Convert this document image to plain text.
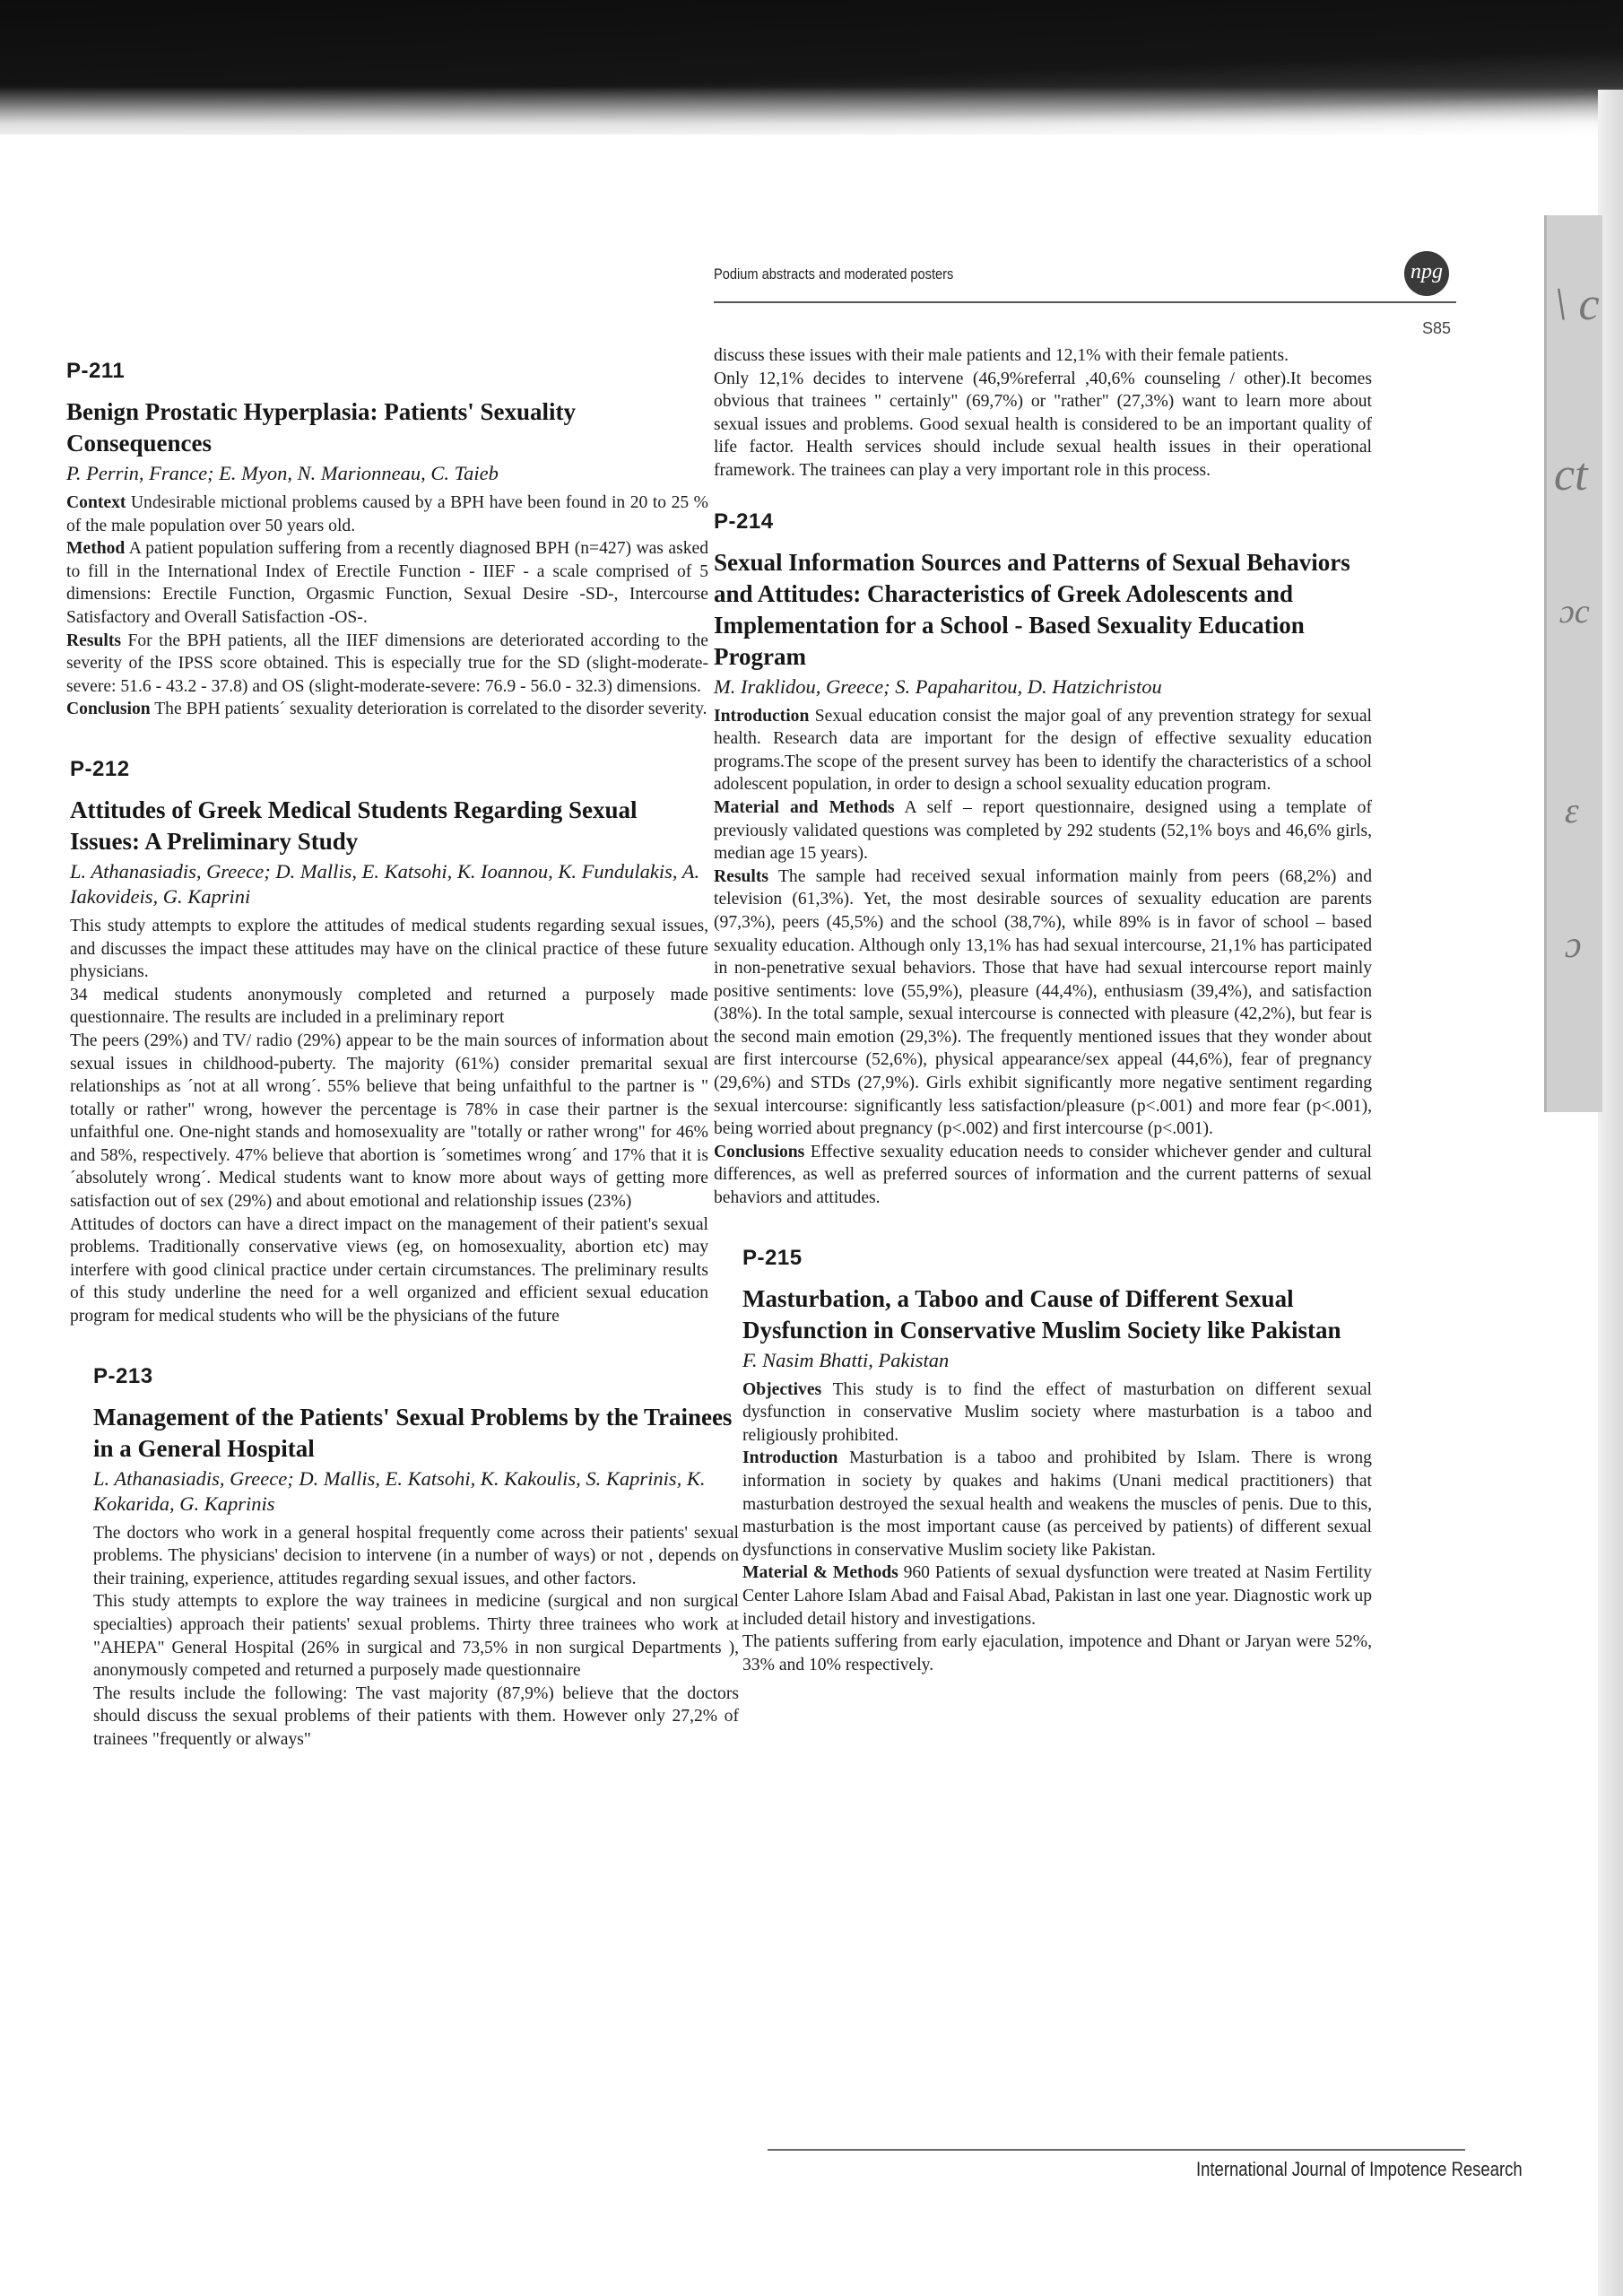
\ c
ct
ɔc
ɛ
ɔ
Podium abstracts and moderated posters	npg
S85
P-211
Benign Prostatic Hyperplasia: Patients' Sexuality Consequences
P. Perrin, France; E. Myon, N. Marionneau, C. Taieb

Context Undesirable mictional problems caused by a BPH have been found in 20 to 25 % of the male population over 50 years old.

Method A patient population suffering from a recently diagnosed BPH (n=427) was asked to fill in the International Index of Erectile Function - IIEF - a scale comprised of 5 dimensions: Erectile Function, Orgasmic Function, Sexual Desire -SD-, Intercourse Satisfactory and Overall Satisfaction -OS-.

Results For the BPH patients, all the IIEF dimensions are deteriorated according to the severity of the IPSS score obtained. This is especially true for the SD (slight-moderate- severe: 51.6 - 43.2 - 37.8) and OS (slight-moderate-severe: 76.9 - 56.0 - 32.3) dimensions.

Conclusion The BPH patients´ sexuality deterioration is correlated to the disorder severity.

P-212
Attitudes of Greek Medical Students Regarding Sexual Issues: A Preliminary Study
L. Athanasiadis, Greece; D. Mallis, E. Katsohi, K. Ioannou, K. Fundulakis, A. Iakovideis, G. Kaprini

This study attempts to explore the attitudes of medical students regarding sexual issues, and discusses the impact these attitudes may have on the clinical practice of these future physicians.

34 medical students anonymously completed and returned a purposely made questionnaire. The results are included in a preliminary report

The peers (29%) and TV/ radio (29%) appear to be the main sources of information about sexual issues in childhood-puberty. The majority (61%) consider premarital sexual relationships as ´not at all wrong´. 55% believe that being unfaithful to the partner is " totally or rather" wrong, however the percentage is 78% in case their partner is the unfaithful one. One-night stands and homosexuality are "totally or rather wrong" for 46% and 58%, respectively. 47% believe that abortion is ´sometimes wrong´ and 17% that it is ´absolutely wrong´. Medical students want to know more about ways of getting more satisfaction out of sex (29%) and about emotional and relationship issues (23%)

Attitudes of doctors can have a direct impact on the management of their patient's sexual problems. Traditionally conservative views (eg, on homosexuality, abortion etc) may interfere with good clinical practice under certain circumstances. The preliminary results of this study underline the need for a well organized and efficient sexual education program for medical students who will be the physicians of the future

P-213
Management of the Patients' Sexual Problems by the Trainees in a General Hospital
L. Athanasiadis, Greece; D. Mallis, E. Katsohi, K. Kakoulis, S. Kaprinis, K. Kokarida, G. Kaprinis

The doctors who work in a general hospital frequently come across their patients' sexual problems. The physicians' decision to intervene (in a number of ways) or not , depends on their training, experience, attitudes regarding sexual issues, and other factors.

This study attempts to explore the way trainees in medicine (surgical and non surgical specialties) approach their patients' sexual problems. Thirty three trainees who work at "AHEPA" General Hospital (26% in surgical and 73,5% in non surgical Departments ), anonymously competed and returned a purposely made questionnaire

The results include the following: The vast majority (87,9%) believe that the doctors should discuss the sexual problems of their patients with them. However only 27,2% of trainees "frequently or always"

discuss these issues with their male patients and 12,1% with their female patients.

Only 12,1% decides to intervene (46,9%referral ,40,6% counseling / other).It becomes obvious that trainees " certainly" (69,7%) or "rather" (27,3%) want to learn more about sexual issues and problems. Good sexual health is considered to be an important quality of life factor. Health services should include sexual health issues in their operational framework. The trainees can play a very important role in this process.

P-214
Sexual Information Sources and Patterns of Sexual Behaviors and Attitudes: Characteristics of Greek Adolescents and Implementation for a School - Based Sexuality Education Program
M. Iraklidou, Greece; S. Papaharitou, D. Hatzichristou

Introduction Sexual education consist the major goal of any prevention strategy for sexual health. Research data are important for the design of effective sexuality education programs.The scope of the present survey has been to identify the characteristics of a school adolescent population, in order to design a school sexuality education program.

Material and Methods A self – report questionnaire, designed using a template of previously validated questions was completed by 292 students (52,1% boys and 46,6% girls, median age 15 years).

Results The sample had received sexual information mainly from peers (68,2%) and television (61,3%). Yet, the most desirable sources of sexuality education are parents (97,3%), peers (45,5%) and the school (38,7%), while 89% is in favor of school – based sexuality education. Although only 13,1% has had sexual intercourse, 21,1% has participated in non-penetrative sexual behaviors. Those that have had sexual intercourse report mainly positive sentiments: love (55,9%), pleasure (44,4%), enthusiasm (39,4%), and satisfaction (38%). In the total sample, sexual intercourse is connected with pleasure (42,2%), but fear is the second main emotion (29,3%). The frequently mentioned issues that they wonder about are first intercourse (52,6%), physical appearance/sex appeal (44,6%), fear of pregnancy (29,6%) and STDs (27,9%). Girls exhibit significantly more negative sentiment regarding sexual intercourse: significantly less satisfaction/pleasure (p<.001) and more fear (p<.001), being worried about pregnancy (p<.002) and first intercourse (p<.001).

Conclusions Effective sexuality education needs to consider whichever gender and cultural differences, as well as preferred sources of information and the current patterns of sexual behaviors and attitudes.

P-215
Masturbation, a Taboo and Cause of Different Sexual Dysfunction in Conservative Muslim Society like Pakistan
F. Nasim Bhatti, Pakistan

Objectives This study is to find the effect of masturbation on different sexual dysfunction in conservative Muslim society where masturbation is a taboo and religiously prohibited.

Introduction Masturbation is a taboo and prohibited by Islam. There is wrong information in society by quakes and hakims (Unani medical practitioners) that masturbation destroyed the sexual health and weakens the muscles of penis. Due to this, masturbation is the most important cause (as perceived by patients) of different sexual dysfunctions in conservative Muslim society like Pakistan.

Material & Methods 960 Patients of sexual dysfunction were treated at Nasim Fertility Center Lahore Islam Abad and Faisal Abad, Pakistan in last one year. Diagnostic work up included detail history and investigations.

The patients suffering from early ejaculation, impotence and Dhant or Jaryan were 52%, 33% and 10% respectively.

International Journal of Impotence Research
